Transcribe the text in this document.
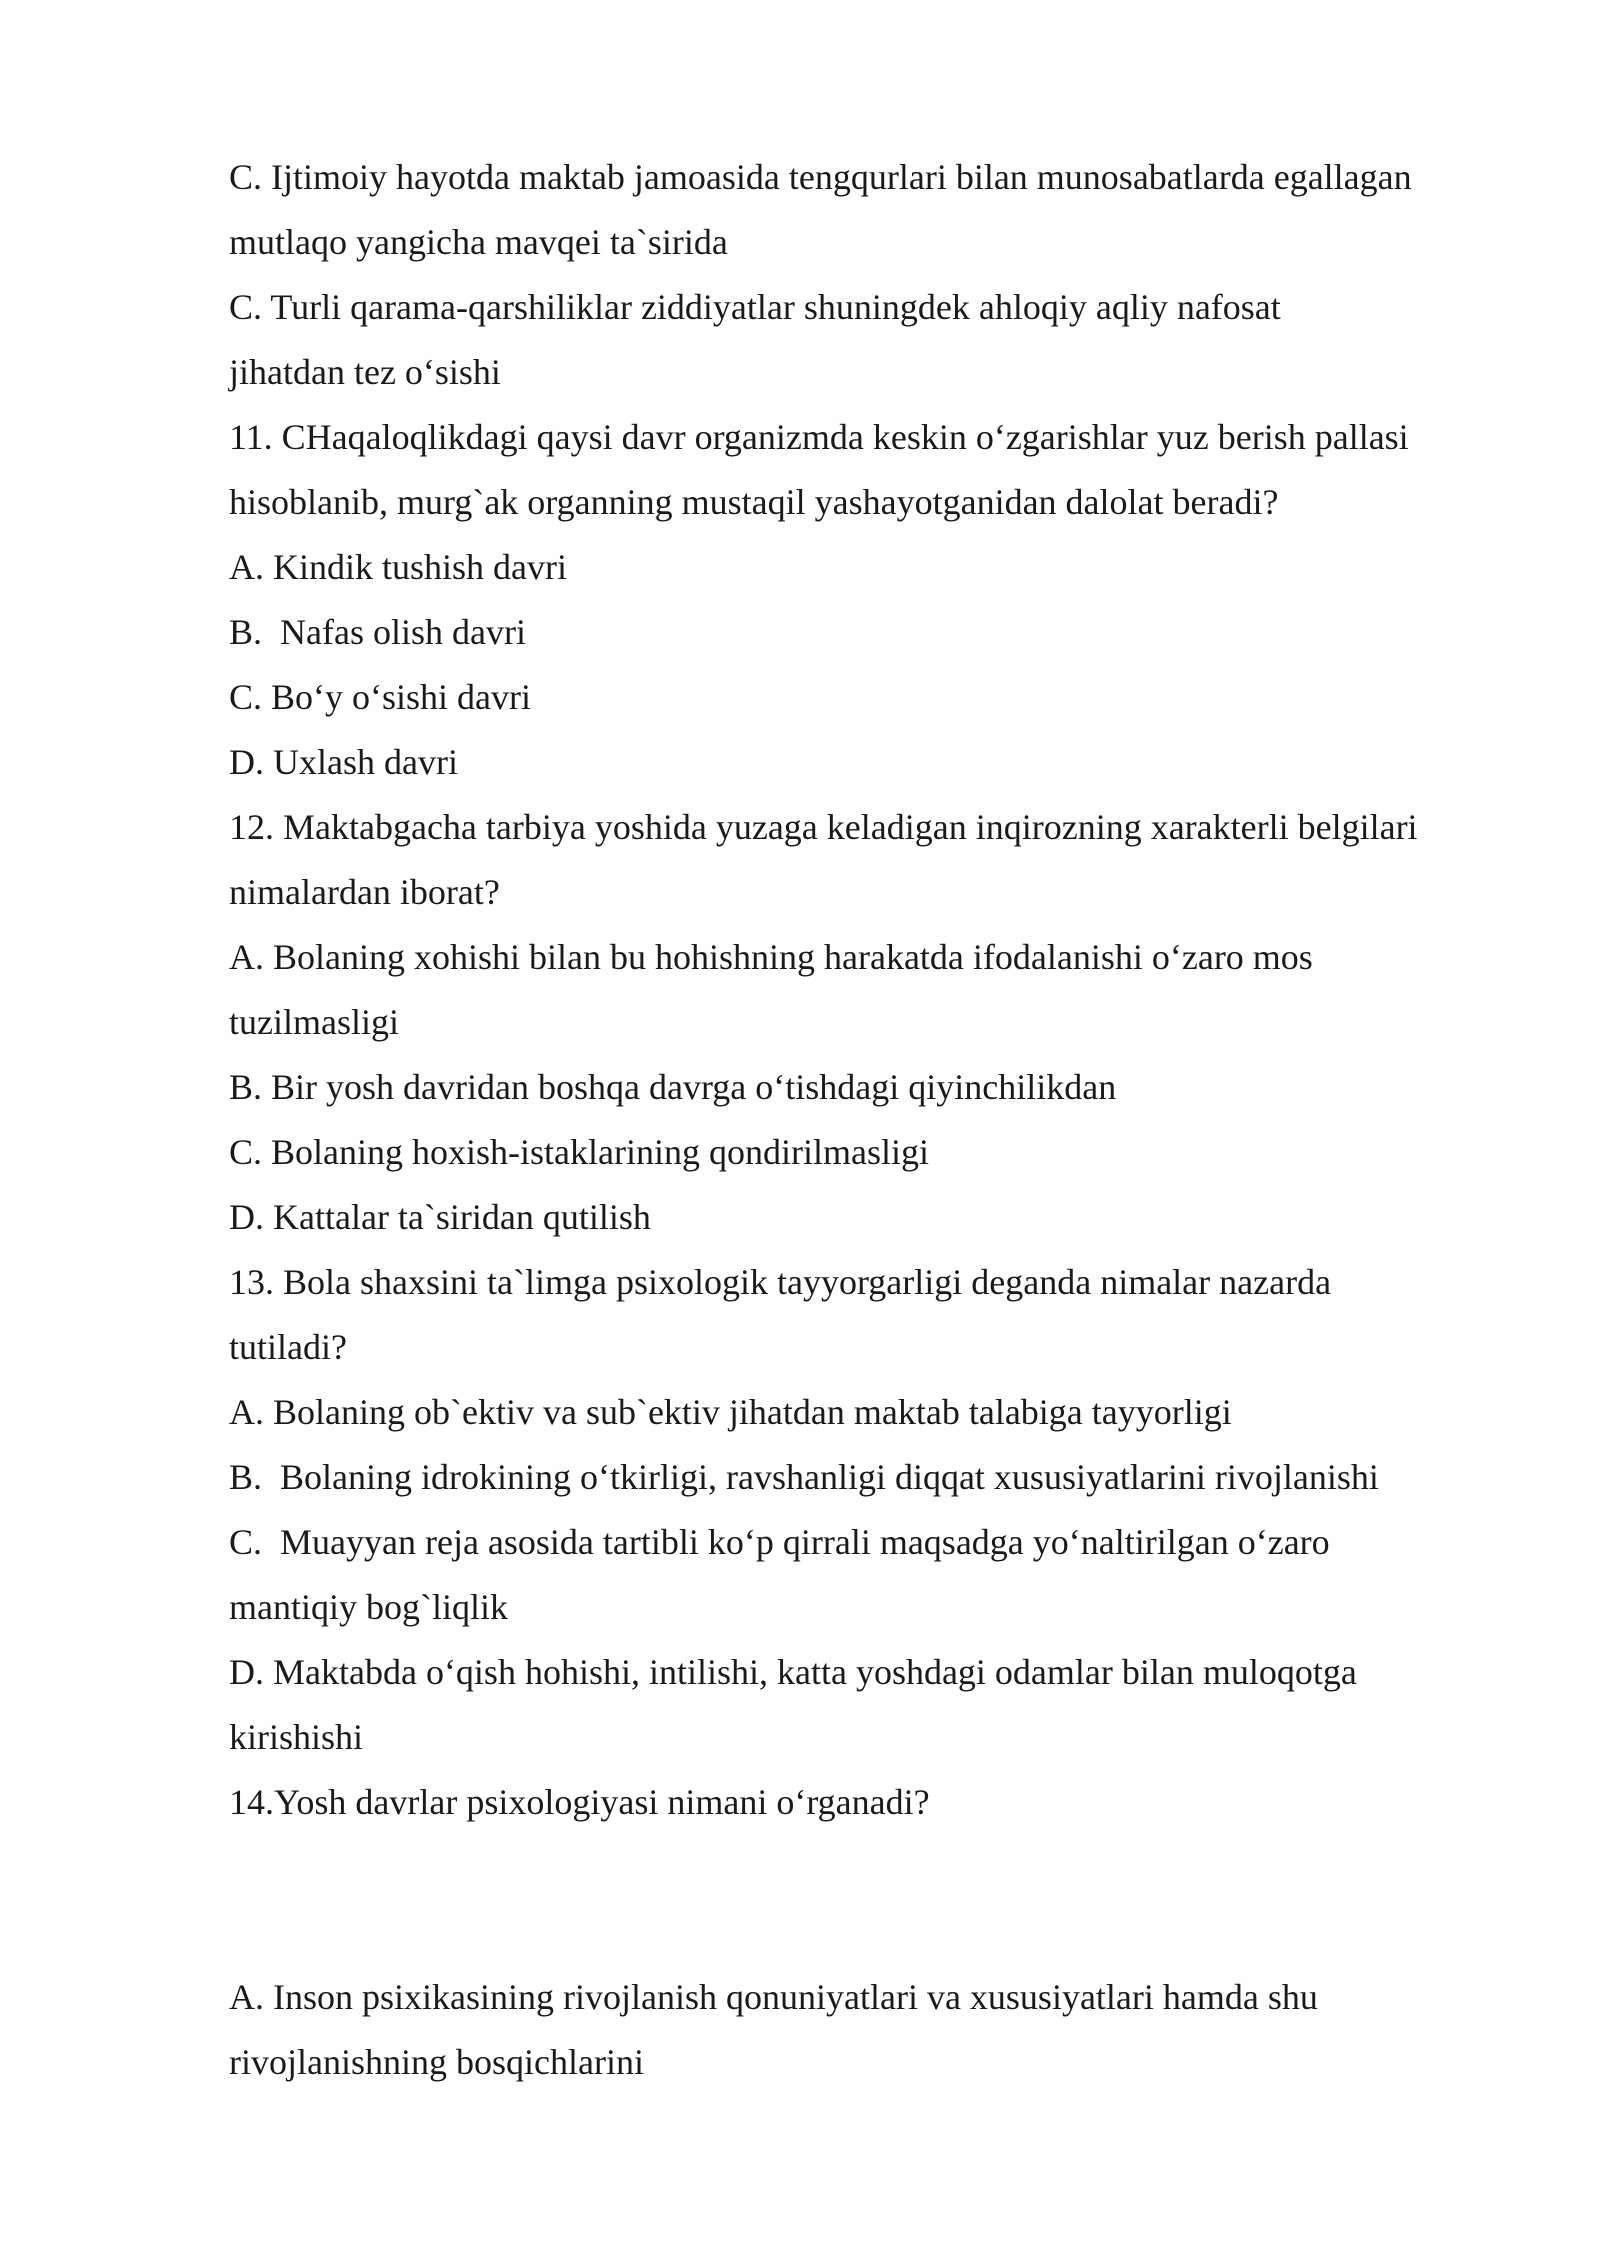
C. Ijtimoiy hayotda maktab jamoasida tengqurlari bilan munosabatlarda egallagan
mutlaqo yangicha mavqei ta`sirida
C. Turli qarama-qarshiliklar ziddiyatlar shuningdek ahloqiy aqliy nafosat
jihatdan tez o‘sishi
11. CHaqaloqlikdagi qaysi davr organizmda keskin o‘zgarishlar yuz berish pallasi
hisoblanib, murg`ak organning mustaqil yashayotganidan dalolat beradi?
A. Kindik tushish davri
B.  Nafas olish davri
C. Bo‘y o‘sishi davri
D. Uxlash davri
12. Maktabgacha tarbiya yoshida yuzaga keladigan inqirozning xarakterli belgilari
nimalardan iborat?
A. Bolaning xohishi bilan bu hohishning harakatda ifodalanishi o‘zaro mos
tuzilmasligi
B. Bir yosh davridan boshqa davrga o‘tishdagi qiyinchilikdan
C. Bolaning hoxish-istaklarining qondirilmasligi
D. Kattalar ta`siridan qutilish
13. Bola shaxsini ta`limga psixologik tayyorgarligi deganda nimalar nazarda
tutiladi?
A. Bolaning ob`ektiv va sub`ektiv jihatdan maktab talabiga tayyorligi
B.  Bolaning idrokining o‘tkirligi, ravshanligi diqqat xususiyatlarini rivojlanishi
C.  Muayyan reja asosida tartibli ko‘p qirrali maqsadga yo‘naltirilgan o‘zaro
mantiqiy bog`liqlik
D. Maktabda o‘qish hohishi, intilishi, katta yoshdagi odamlar bilan muloqotga
kirishishi
14.Yosh davrlar psixologiyasi nimani o‘rganadi?
A. Inson psixikasining rivojlanish qonuniyatlari va xususiyatlari hamda shu
rivojlanishning bosqichlarini
